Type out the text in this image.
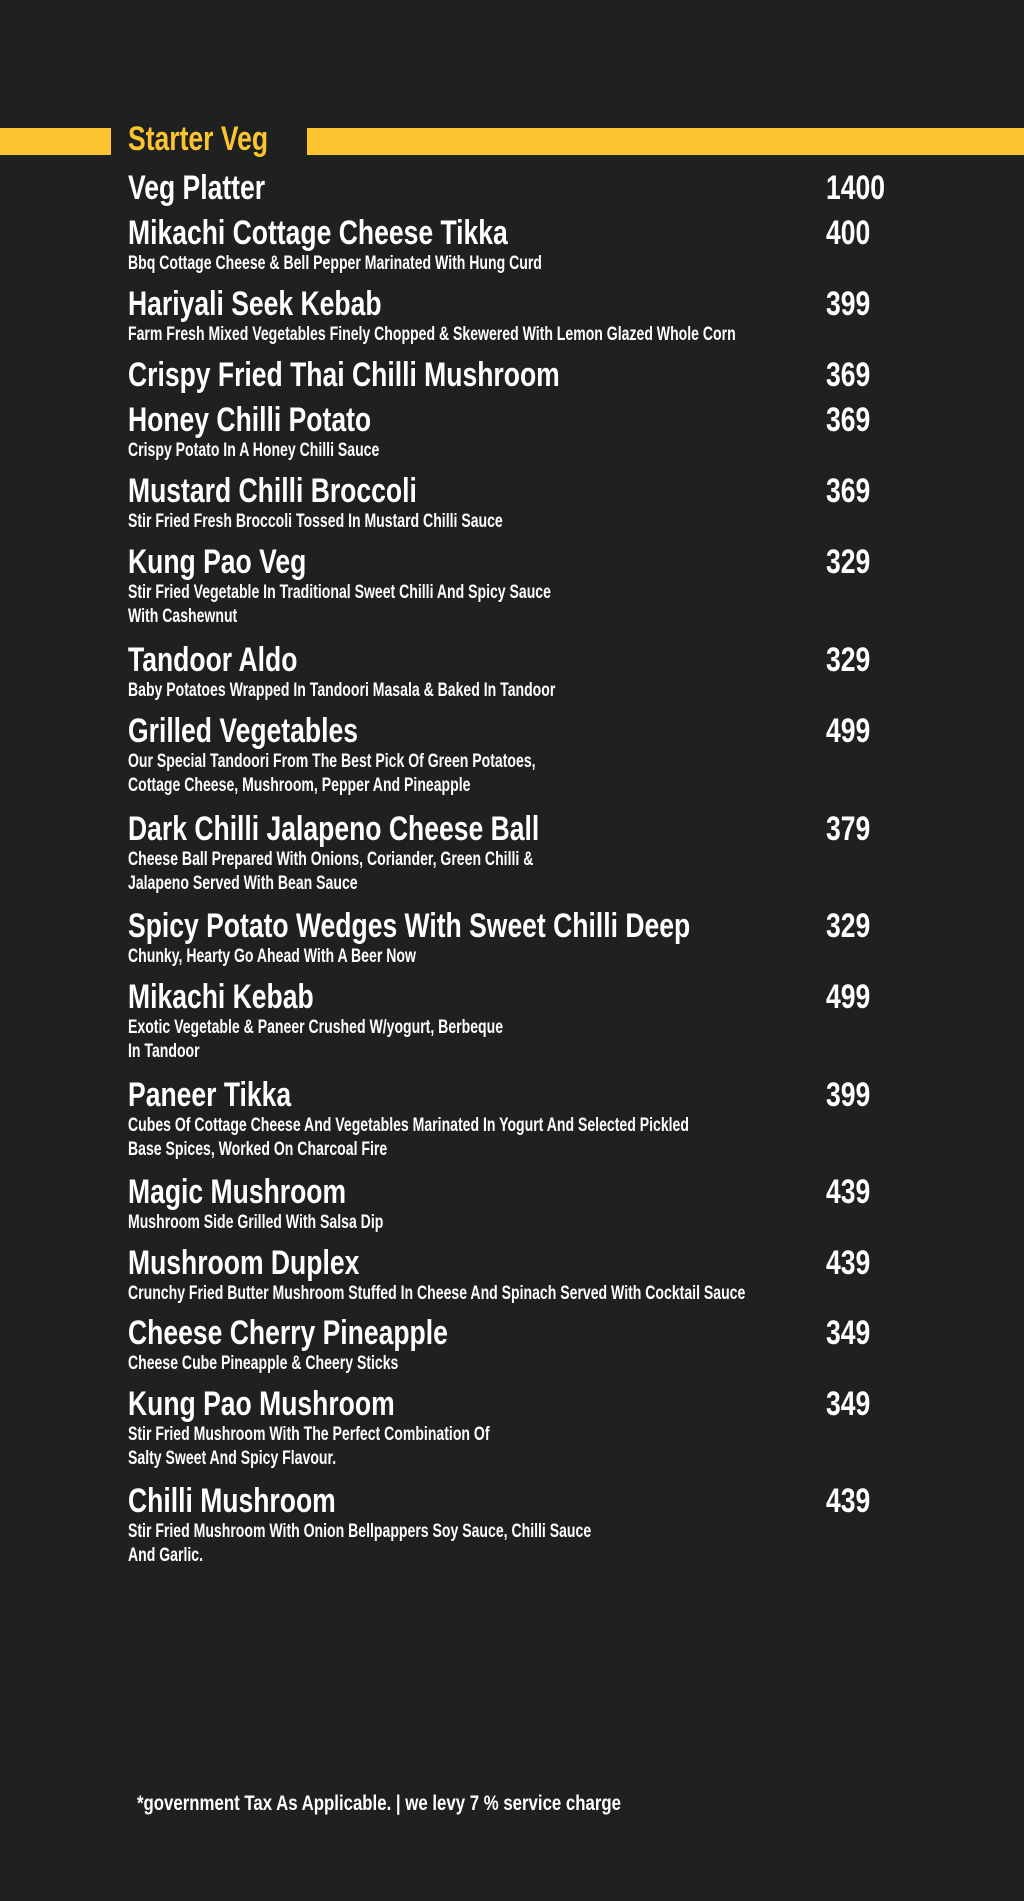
Starter Veg
Veg Platter	1400
Mikachi Cottage Cheese Tikka	400
Bbq Cottage Cheese & Bell Pepper Marinated With Hung Curd
Hariyali Seek Kebab	399
Farm Fresh Mixed Vegetables Finely Chopped & Skewered With Lemon Glazed Whole Corn
Crispy Fried Thai Chilli Mushroom	369
Honey Chilli Potato	369
Crispy Potato In A Honey Chilli Sauce
Mustard Chilli Broccoli	369
Stir Fried Fresh Broccoli Tossed In Mustard Chilli Sauce
Kung Pao Veg	329
Stir Fried Vegetable In Traditional Sweet Chilli And Spicy Sauce
With Cashewnut
Tandoor Aldo	329
Baby Potatoes Wrapped In Tandoori Masala & Baked In Tandoor
Grilled Vegetables	499
Our Special Tandoori From The Best Pick Of Green Potatoes,
Cottage Cheese, Mushroom, Pepper And Pineapple
Dark Chilli Jalapeno Cheese Ball	379
Cheese Ball Prepared With Onions, Coriander, Green Chilli &
Jalapeno Served With Bean Sauce
Spicy Potato Wedges With Sweet Chilli Deep	329
Chunky, Hearty Go Ahead With A Beer Now
Mikachi Kebab	499
Exotic Vegetable & Paneer Crushed W/yogurt, Berbeque
In Tandoor
Paneer Tikka	399
Cubes Of Cottage Cheese And Vegetables Marinated In Yogurt And Selected Pickled
Base Spices, Worked On Charcoal Fire
Magic Mushroom	439
Mushroom Side Grilled With Salsa Dip
Mushroom Duplex	439
Crunchy Fried Butter Mushroom Stuffed In Cheese And Spinach Served With Cocktail Sauce
Cheese Cherry Pineapple	349
Cheese Cube Pineapple & Cheery Sticks
Kung Pao Mushroom	349
Stir Fried Mushroom With The Perfect Combination Of
Salty Sweet And Spicy Flavour.
Chilli Mushroom	439
Stir Fried Mushroom With Onion Bellpappers Soy Sauce, Chilli Sauce
And Garlic.
*government Tax As Applicable. | we levy 7 % service charge
